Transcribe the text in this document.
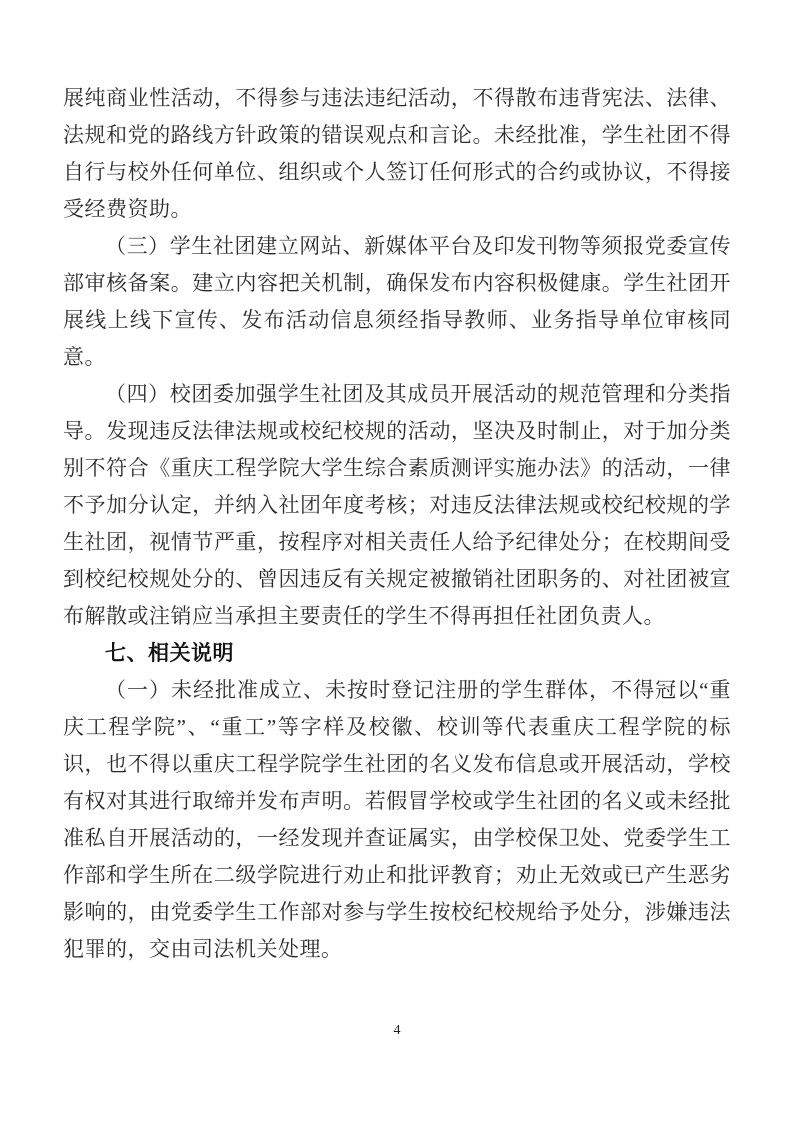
展纯商业性活动，不得参与违法违纪活动，不得散布违背宪法、法律、法规和党的路线方针政策的错误观点和言论。未经批准，学生社团不得自行与校外任何单位、组织或个人签订任何形式的合约或协议，不得接受经费资助。

（三）学生社团建立网站、新媒体平台及印发刊物等须报党委宣传部审核备案。建立内容把关机制，确保发布内容积极健康。学生社团开展线上线下宣传、发布活动信息须经指导教师、业务指导单位审核同意。

（四）校团委加强学生社团及其成员开展活动的规范管理和分类指导。发现违反法律法规或校纪校规的活动，坚决及时制止，对于加分类别不符合《重庆工程学院大学生综合素质测评实施办法》的活动，一律不予加分认定，并纳入社团年度考核；对违反法律法规或校纪校规的学生社团，视情节严重，按程序对相关责任人给予纪律处分；在校期间受到校纪校规处分的、曾因违反有关规定被撤销社团职务的、对社团被宣布解散或注销应当承担主要责任的学生不得再担任社团负责人。

七、相关说明

（一）未经批准成立、未按时登记注册的学生群体，不得冠以“重庆工程学院”、“重工”等字样及校徽、校训等代表重庆工程学院的标识，也不得以重庆工程学院学生社团的名义发布信息或开展活动，学校有权对其进行取缔并发布声明。若假冒学校或学生社团的名义或未经批准私自开展活动的，一经发现并查证属实，由学校保卫处、党委学生工作部和学生所在二级学院进行劝止和批评教育；劝止无效或已产生恶劣影响的，由党委学生工作部对参与学生按校纪校规给予处分，涉嫌违法犯罪的，交由司法机关处理。

4
